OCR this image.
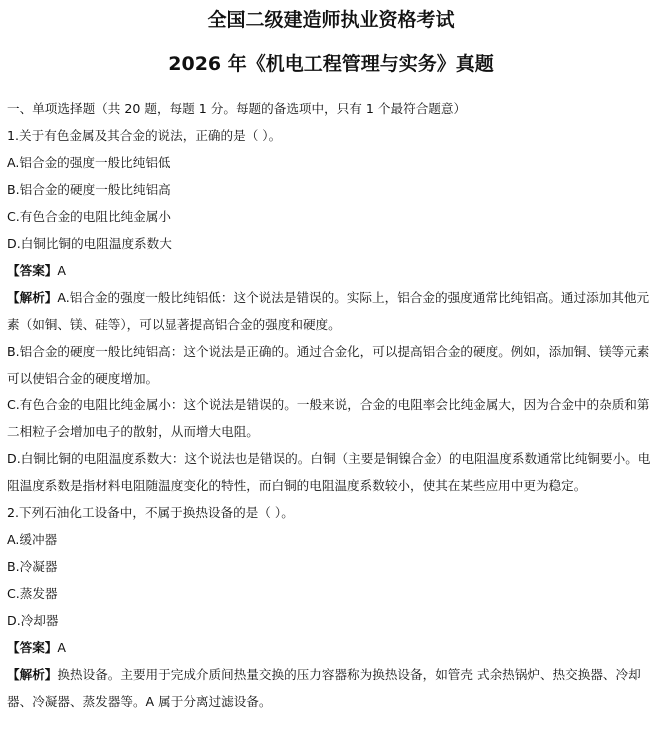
全国二级建造师执业资格考试
2026 年《机电工程管理与实务》真题

一、单项选择题（共 20 题，每题 1 分。每题的备选项中，只有 1 个最符合题意）

1.关于有色金属及其合金的说法，正确的是（ ）。

A.铝合金的强度一般比纯铝低

B.铝合金的硬度一般比纯铝高

C.有色合金的电阻比纯金属小

D.白铜比铜的电阻温度系数大

【答案】A

【解析】A.铝合金的强度一般比纯铝低：这个说法是错误的。实际上，铝合金的强度通常比纯铝高。通过添加其他元素（如铜、镁、硅等），可以显著提高铝合金的强度和硬度。

B.铝合金的硬度一般比纯铝高：这个说法是正确的。通过合金化，可以提高铝合金的硬度。例如，添加铜、镁等元素可以使铝合金的硬度增加。

C.有色合金的电阻比纯金属小：这个说法是错误的。一般来说，合金的电阻率会比纯金属大，因为合金中的杂质和第二相粒子会增加电子的散射，从而增大电阻。

D.白铜比铜的电阻温度系数大：这个说法也是错误的。白铜（主要是铜镍合金）的电阻温度系数通常比纯铜要小。电阻温度系数是指材料电阻随温度变化的特性，而白铜的电阻温度系数较小，使其在某些应用中更为稳定。

2.下列石油化工设备中，不属于换热设备的是（ ）。

A.缓冲器

B.冷凝器

C.蒸发器

D.冷却器

【答案】A

【解析】换热设备。主要用于完成介质间热量交换的压力容器称为换热设备，如管壳 式余热锅炉、热交换器、冷却器、冷凝器、蒸发器等。A 属于分离过滤设备。
